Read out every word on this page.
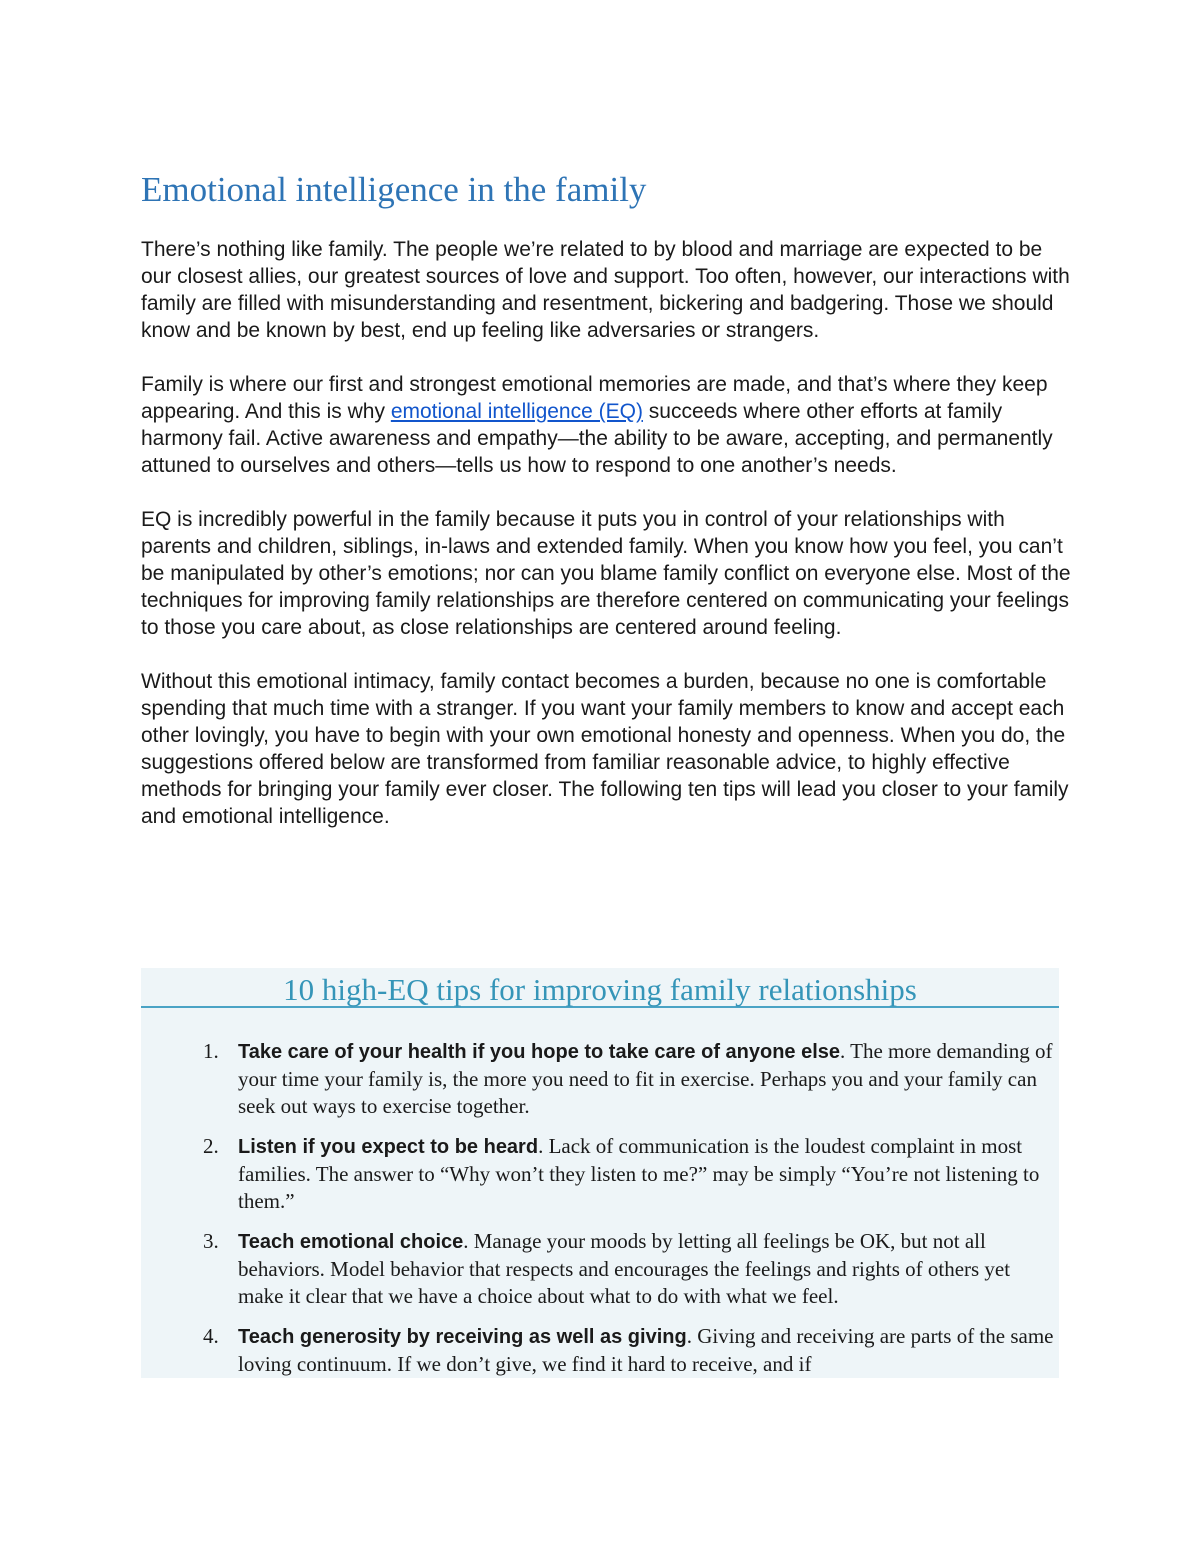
Emotional intelligence in the family

There’s nothing like family. The people we’re related to by blood and marriage are expected to be our closest allies, our greatest sources of love and support. Too often, however, our interactions with family are filled with misunderstanding and resentment, bickering and badgering. Those we should know and be known by best, end up feeling like adversaries or strangers.

Family is where our first and strongest emotional memories are made, and that’s where they keep appearing. And this is why emotional intelligence (EQ) succeeds where other efforts at family harmony fail. Active awareness and empathy—the ability to be aware, accepting, and permanently attuned to ourselves and others—tells us how to respond to one another’s needs.

EQ is incredibly powerful in the family because it puts you in control of your relationships with parents and children, siblings, in-laws and extended family. When you know how you feel, you can’t be manipulated by other’s emotions; nor can you blame family conflict on everyone else. Most of the techniques for improving family relationships are therefore centered on communicating your feelings to those you care about, as close relationships are centered around feeling.

Without this emotional intimacy, family contact becomes a burden, because no one is comfortable spending that much time with a stranger. If you want your family members to know and accept each other lovingly, you have to begin with your own emotional honesty and openness. When you do, the suggestions offered below are transformed from familiar reasonable advice, to highly effective methods for bringing your family ever closer. The following ten tips will lead you closer to your family and emotional intelligence.

10 high-EQ tips for improving family relationships
1. Take care of your health if you hope to take care of anyone else. The more demanding of your time your family is, the more you need to fit in exercise. Perhaps you and your family can seek out ways to exercise together.
2. Listen if you expect to be heard. Lack of communication is the loudest complaint in most families. The answer to “Why won’t they listen to me?” may be simply “You’re not listening to them.”
3. Teach emotional choice. Manage your moods by letting all feelings be OK, but not all behaviors. Model behavior that respects and encourages the feelings and rights of others yet make it clear that we have a choice about what to do with what we feel.
4. Teach generosity by receiving as well as giving. Giving and receiving are parts of the same loving continuum. If we don’t give, we find it hard to receive, and if
